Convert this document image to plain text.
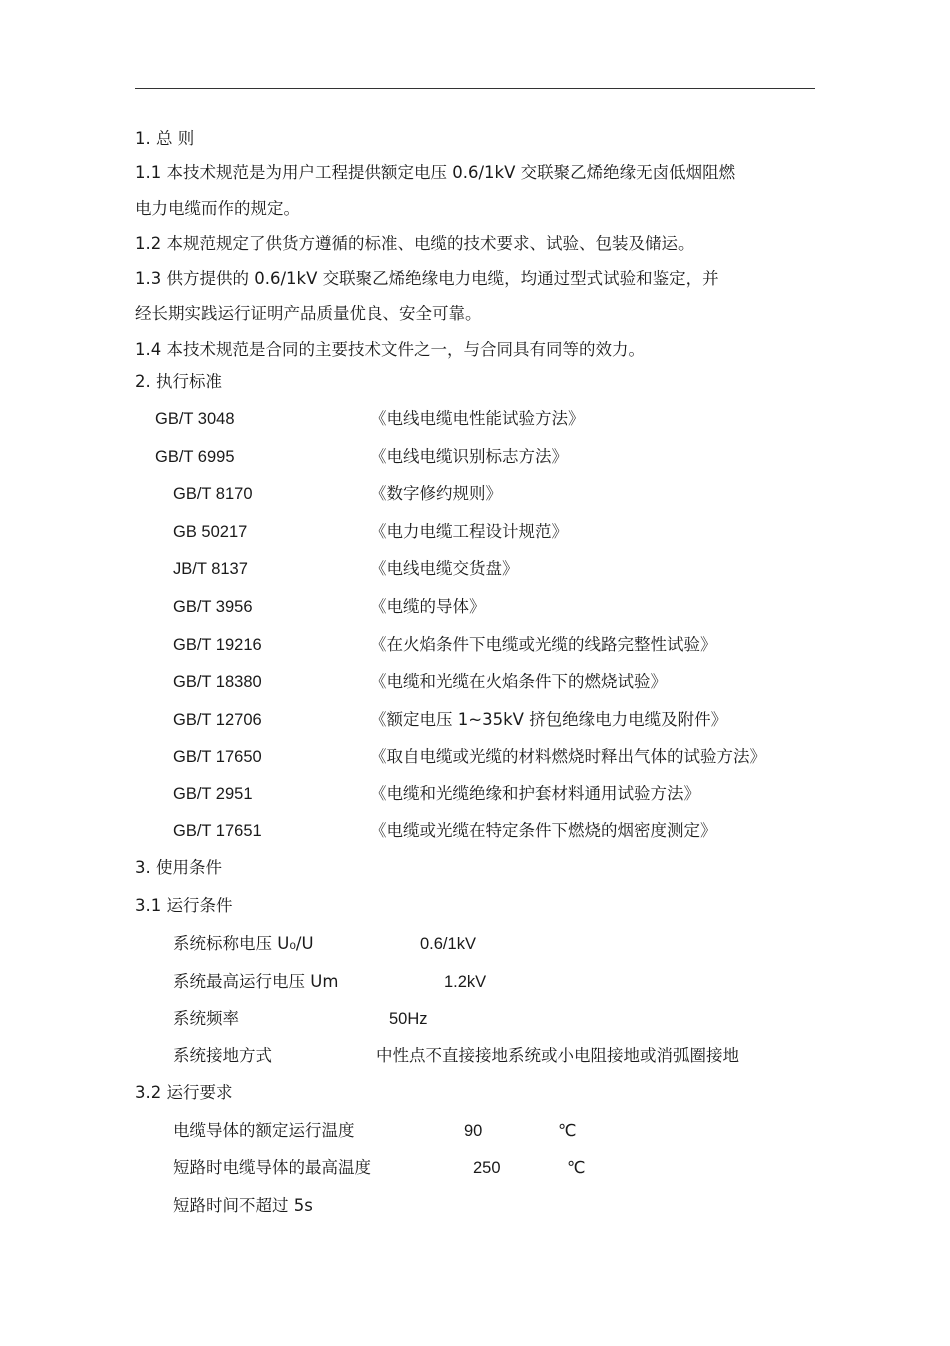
1. 总 则
1.1 本技术规范是为用户工程提供额定电压 0.6/1kV 交联聚乙烯绝缘无卤低烟阻燃
电力电缆而作的规定。
1.2 本规范规定了供货方遵循的标准、电缆的技术要求、试验、包装及储运。
1.3 供方提供的 0.6/1kV 交联聚乙烯绝缘电力电缆，均通过型式试验和鉴定，并
经长期实践运行证明产品质量优良、安全可靠。
1.4 本技术规范是合同的主要技术文件之一，与合同具有同等的效力。
2. 执行标准
GB/T 3048	《电线电缆电性能试验方法》
GB/T 6995	《电线电缆识别标志方法》
GB/T 8170	《数字修约规则》
GB 50217	《电力电缆工程设计规范》
JB/T 8137	《电线电缆交货盘》
GB/T 3956	《电缆的导体》
GB/T 19216	《在火焰条件下电缆或光缆的线路完整性试验》
GB/T 18380	《电缆和光缆在火焰条件下的燃烧试验》
GB/T 12706	《额定电压 1~35kV 挤包绝缘电力电缆及附件》
GB/T 17650	《取自电缆或光缆的材料燃烧时释出气体的试验方法》
GB/T 2951	《电缆和光缆绝缘和护套材料通用试验方法》
GB/T 17651	《电缆或光缆在特定条件下燃烧的烟密度测定》
3. 使用条件
3.1 运行条件
系统标称电压 U₀/U	0.6/1kV
系统最高运行电压 Um	1.2kV
系统频率	50Hz
系统接地方式	中性点不直接接地系统或小电阻接地或消弧圈接地
3.2 运行要求
电缆导体的额定运行温度	90	℃
短路时电缆导体的最高温度	250	℃
短路时间不超过 5s
